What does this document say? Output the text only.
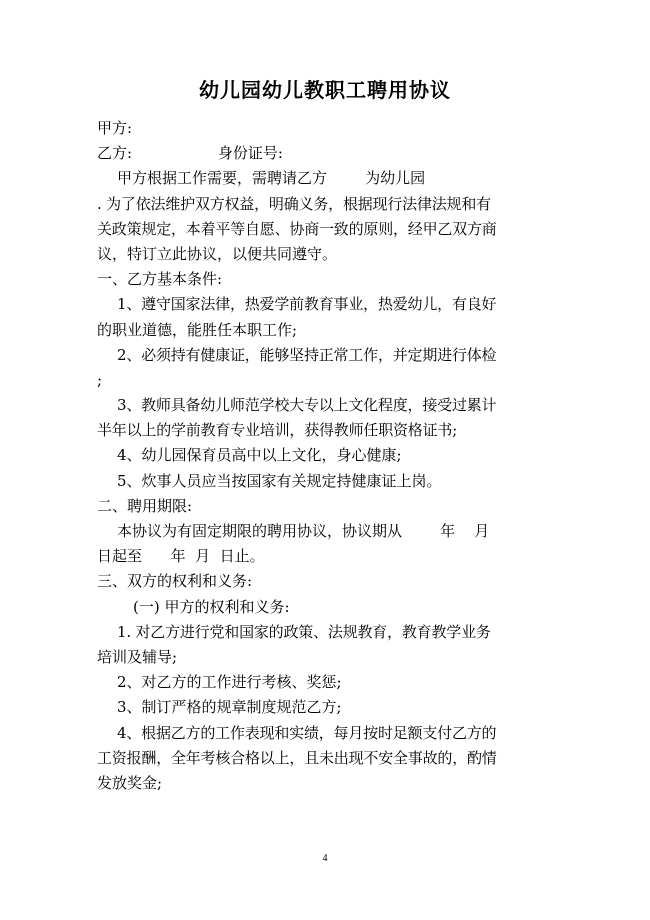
幼儿园幼儿教职工聘用协议
甲方:
乙方:                  身份证号:
甲方根据工作需要，需聘请乙方        为幼儿园
. 为了依法维护双方权益，明确义务，根据现行法律法规和有
关政策规定，本着平等自愿、协商一致的原则，经甲乙双方商
议，特订立此协议，以便共同遵守。
一、乙方基本条件:
1、遵守国家法律，热爱学前教育事业，热爱幼儿，有良好
的职业道德，能胜任本职工作;
2、必须持有健康证，能够坚持正常工作，并定期进行体检
;
3、教师具备幼儿师范学校大专以上文化程度，接受过累计
半年以上的学前教育专业培训，获得教师任职资格证书;
4、幼儿园保育员高中以上文化，身心健康;
5、炊事人员应当按国家有关规定持健康证上岗。
二、聘用期限:
本协议为有固定期限的聘用协议，协议期从        年    月
日起至      年  月  日止。
三、双方的权利和义务:
(一) 甲方的权利和义务:
1. 对乙方进行党和国家的政策、法规教育，教育教学业务
培训及辅导;
2、对乙方的工作进行考核、奖惩;
3、制订严格的规章制度规范乙方;
4、根据乙方的工作表现和实绩，每月按时足额支付乙方的
工资报酬，全年考核合格以上，且未出现不安全事故的，酌情
发放奖金;
4
